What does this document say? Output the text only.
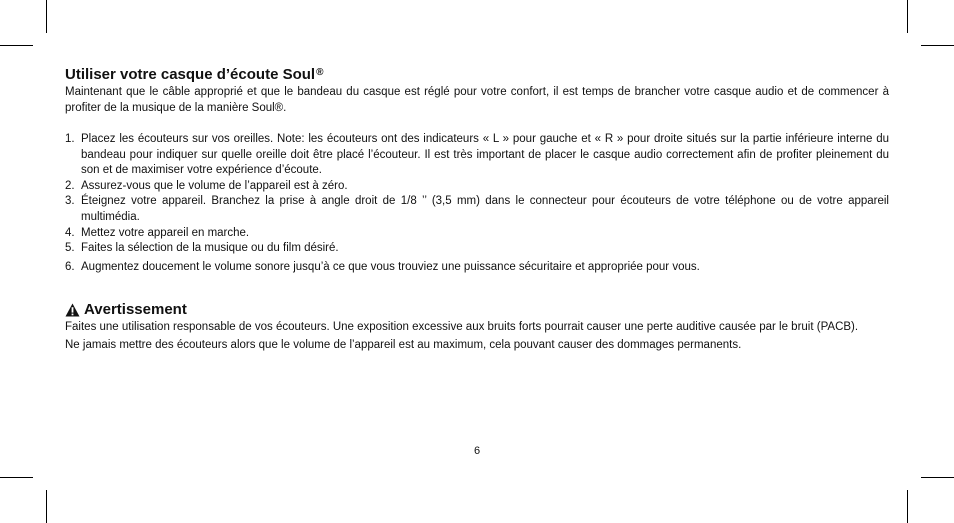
Utiliser votre casque d’écoute Soul®

Maintenant que le câble approprié et que le bandeau du casque est réglé pour votre confort, il est temps de brancher votre casque audio et de commencer à profiter de la musique de la manière Soul®.

1. Placez les écouteurs sur vos oreilles. Note: les écouteurs ont des indicateurs « L » pour gauche et « R » pour droite situés sur la partie inférieure interne du bandeau pour indiquer sur quelle oreille doit être placé l’écouteur. Il est très important de placer le casque audio correctement afin de profiter pleinement du son et de maximiser votre expérience d’écoute.
2. Assurez-vous que le volume de l’appareil est à zéro.
3. Éteignez votre appareil. Branchez la prise à angle droit de 1/8 ’’ (3,5 mm) dans le connecteur pour écouteurs de votre téléphone ou de votre appareil multimédia.
4. Mettez votre appareil en marche.
5. Faites la sélection de la musique ou du film désiré.
6. Augmentez doucement le volume sonore jusqu’à ce que vous trouviez une puissance sécuritaire et appropriée pour vous.
Avertissement

Faites une utilisation responsable de vos écouteurs. Une exposition excessive aux bruits forts pourrait causer une perte auditive causée par le bruit (PACB).

Ne jamais mettre des écouteurs alors que le volume de l’appareil est au maximum, cela pouvant causer des dommages permanents.

6
